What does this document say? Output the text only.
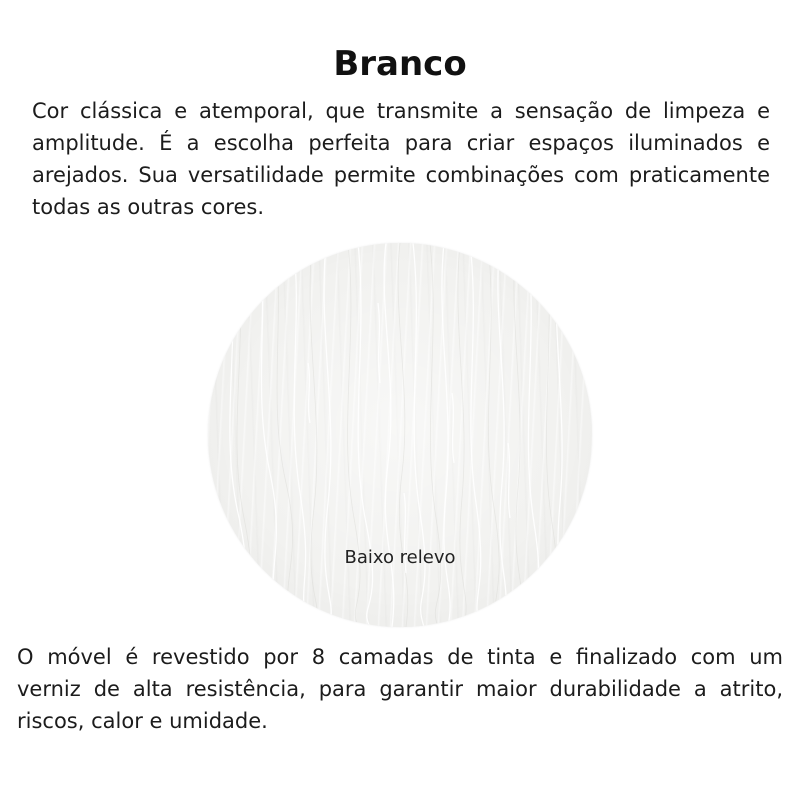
Branco
Cor clássica e atemporal, que transmite a sensação de limpeza e
amplitude. É a escolha perfeita para criar espaços iluminados e
arejados. Sua versatilidade permite combinações com praticamente
todas as outras cores.
Baixo relevo
O móvel é revestido por 8 camadas de tinta e finalizado com um
verniz de alta resistência, para garantir maior durabilidade a atrito,
riscos, calor e umidade.
